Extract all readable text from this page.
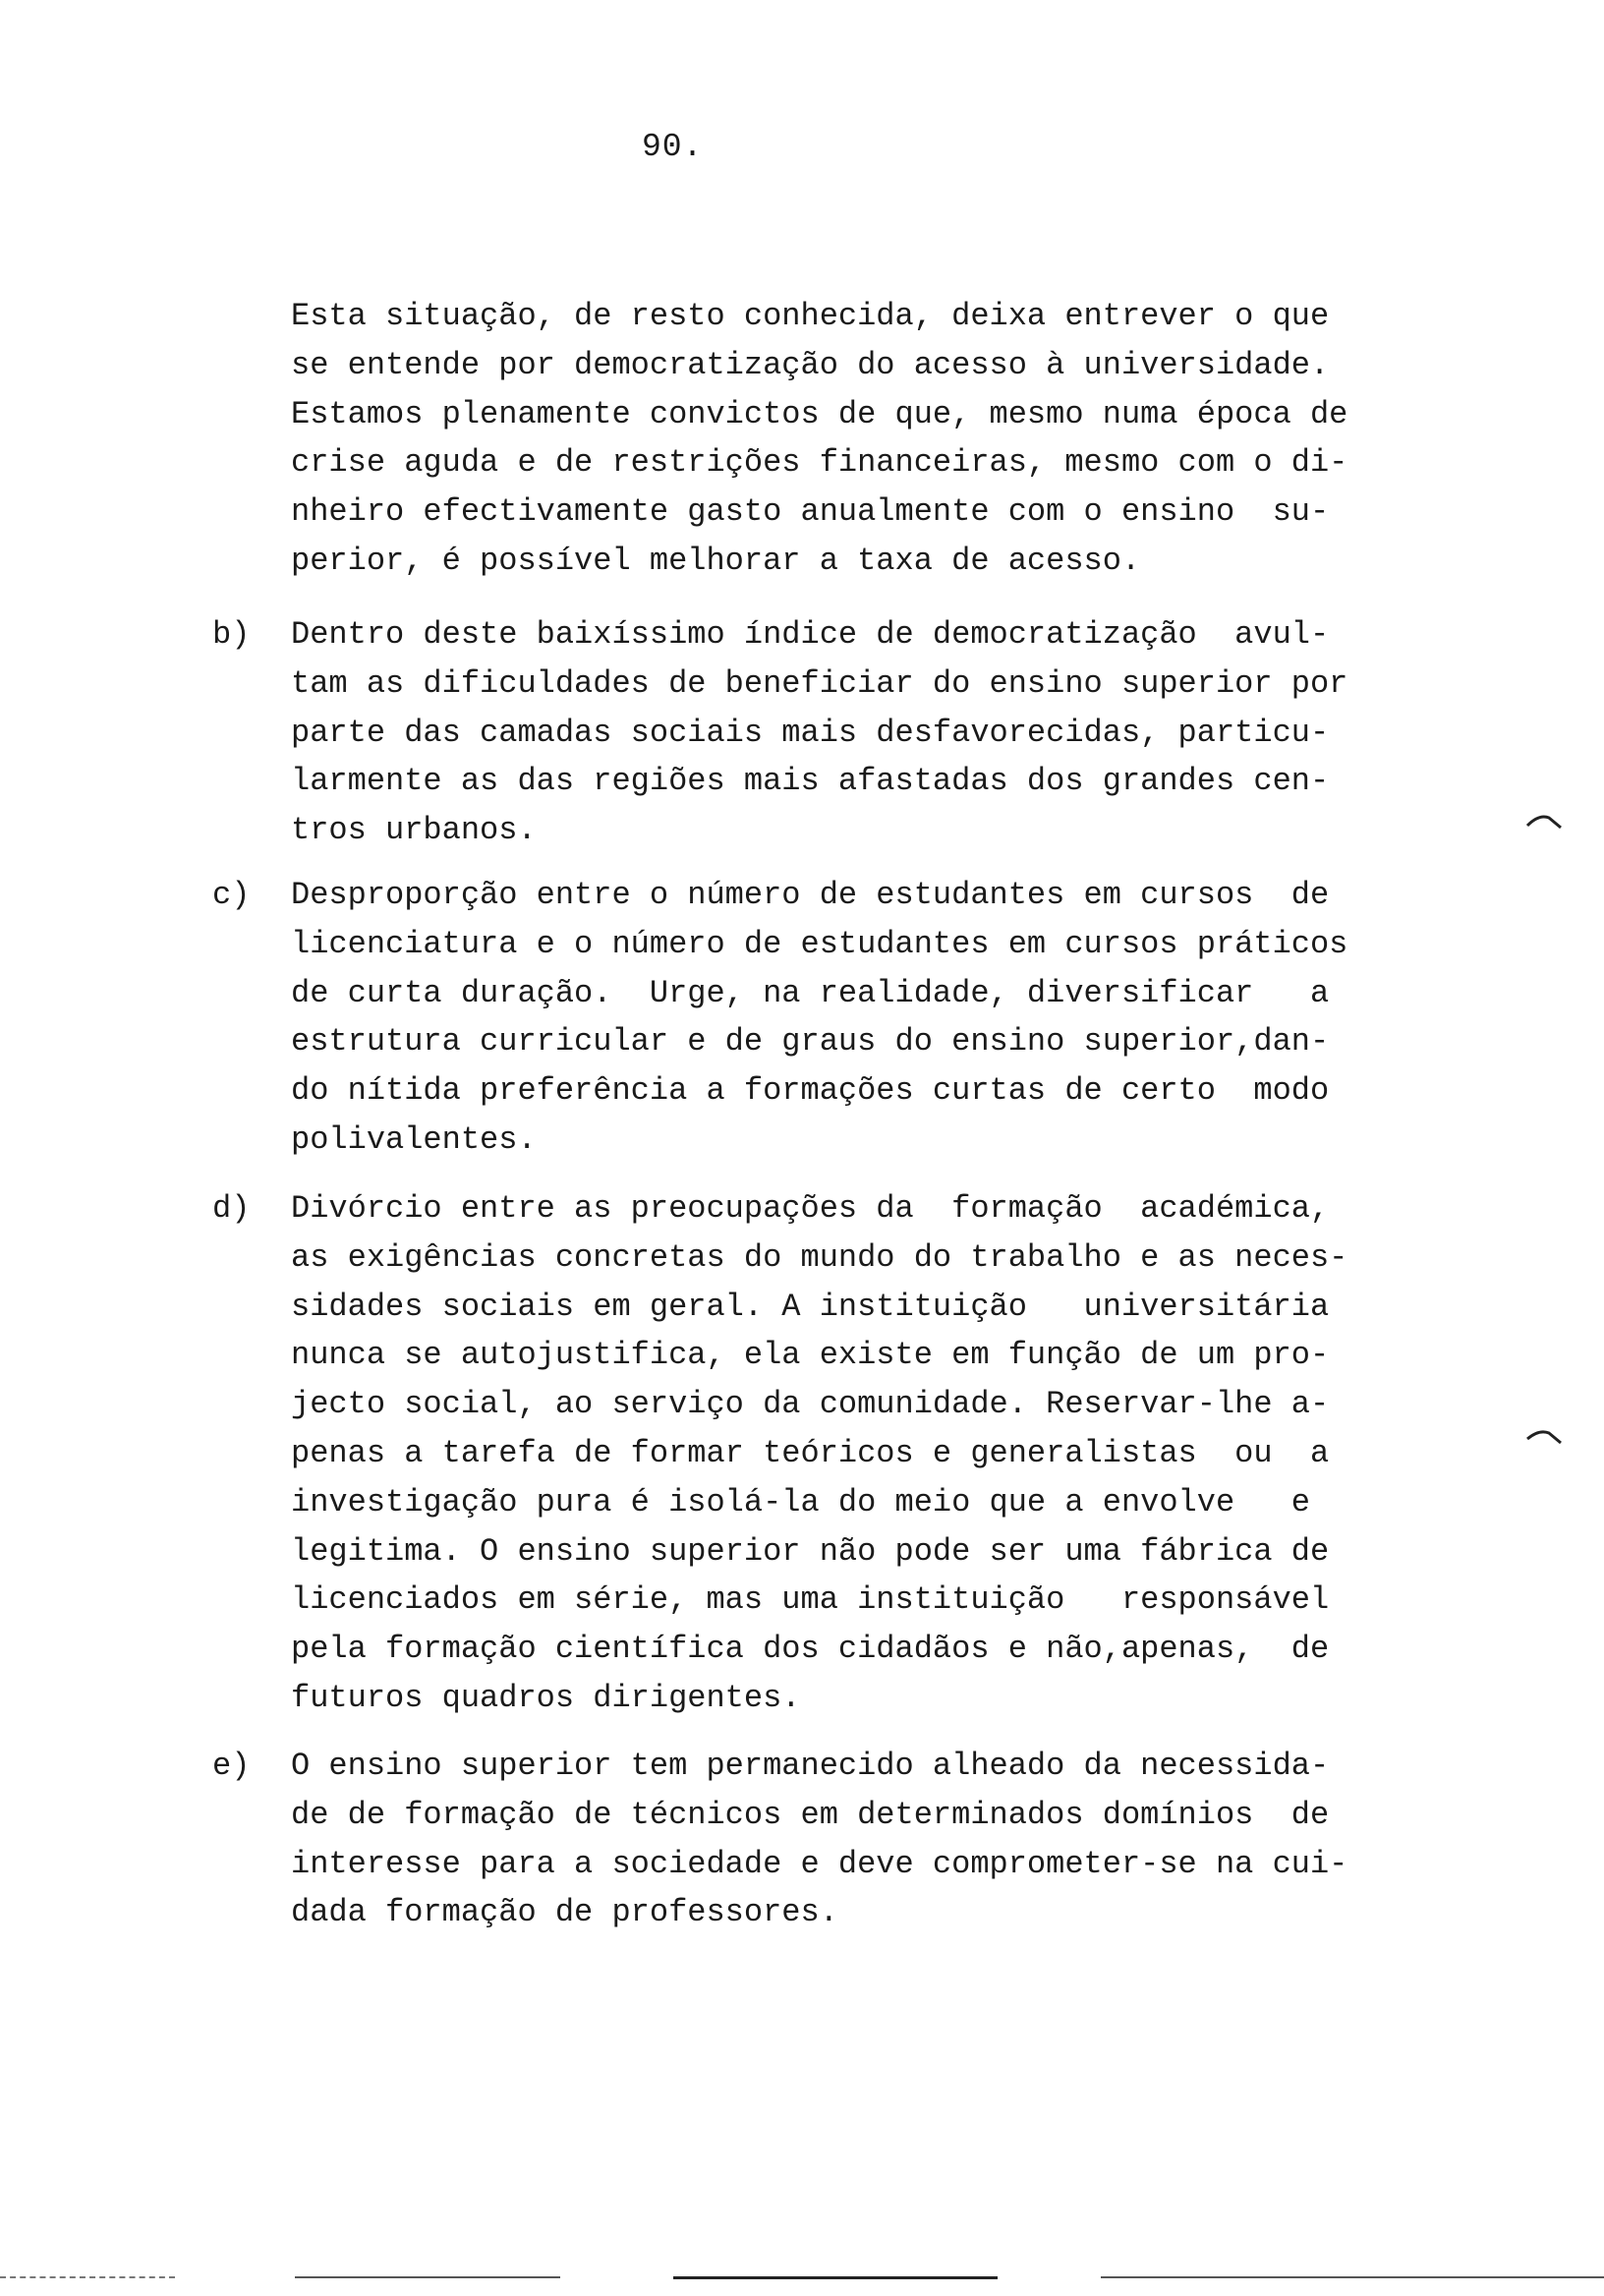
90.
Esta situação, de resto conhecida, deixa entrever o que
se entende por democratização do acesso à universidade.
Estamos plenamente convictos de que, mesmo numa época de
crise aguda e de restrições financeiras, mesmo com o di-
nheiro efectivamente gasto anualmente com o ensino  su-
perior, é possível melhorar a taxa de acesso.
b) Dentro deste baixíssimo índice de democratização  avul-
tam as dificuldades de beneficiar do ensino superior por
parte das camadas sociais mais desfavorecidas, particu-
larmente as das regiões mais afastadas dos grandes cen-
tros urbanos.
c) Desproporção entre o número de estudantes em cursos  de
licenciatura e o número de estudantes em cursos práticos
de curta duração.  Urge, na realidade, diversificar   a
estrutura curricular e de graus do ensino superior,dan-
do nítida preferência a formações curtas de certo  modo
polivalentes.
d) Divórcio entre as preocupações da  formação  académica,
as exigências concretas do mundo do trabalho e as neces-
sidades sociais em geral. A instituição   universitária
nunca se autojustifica, ela existe em função de um pro-
jecto social, ao serviço da comunidade. Reservar-lhe a-
penas a tarefa de formar teóricos e generalistas  ou  a
investigação pura é isolá-la do meio que a envolve   e
legitima. O ensino superior não pode ser uma fábrica de
licenciados em série, mas uma instituição   responsável
pela formação científica dos cidadãos e não,apenas,  de
futuros quadros dirigentes.
e) O ensino superior tem permanecido alheado da necessida-
de de formação de técnicos em determinados domínios  de
interesse para a sociedade e deve comprometer-se na cui-
dada formação de professores.
